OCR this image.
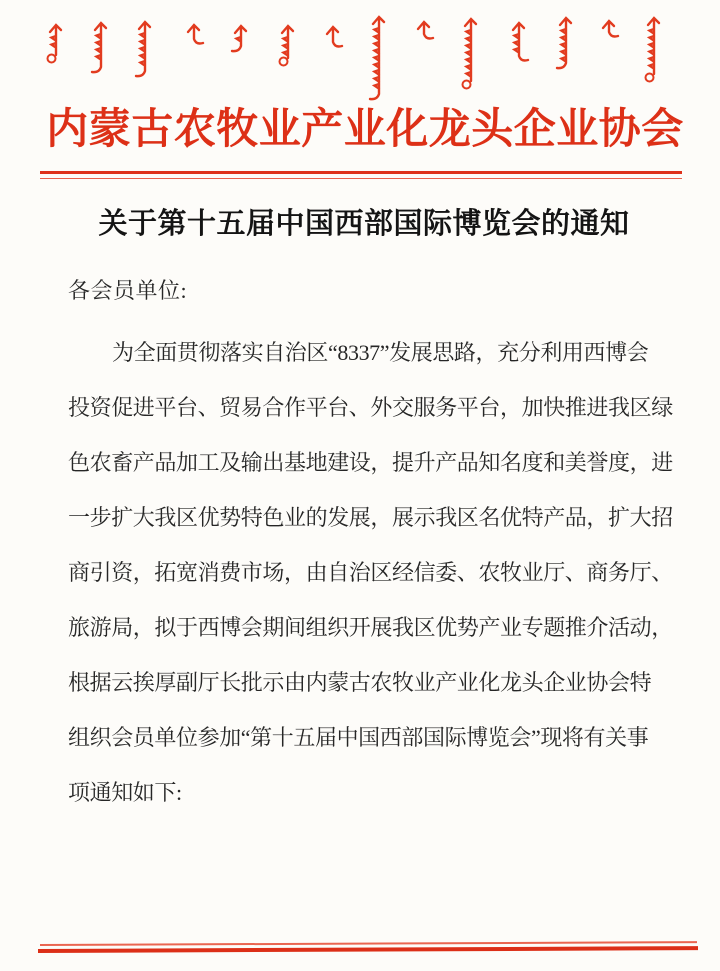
内蒙古农牧业产业化龙头企业协会
关于第十五届中国西部国际博览会的通知
各会员单位:
为全面贯彻落实自治区“8337”发展思路，充分利用西博会
投资促进平台、贸易合作平台、外交服务平台，加快推进我区绿
色农畜产品加工及输出基地建设，提升产品知名度和美誉度，进
一步扩大我区优势特色业的发展，展示我区名优特产品，扩大招
商引资，拓宽消费市场，由自治区经信委、农牧业厅、商务厅、
旅游局，拟于西博会期间组织开展我区优势产业专题推介活动，
根据云挨厚副厅长批示由内蒙古农牧业产业化龙头企业协会特
组织会员单位参加“第十五届中国西部国际博览会”现将有关事
项通知如下:
